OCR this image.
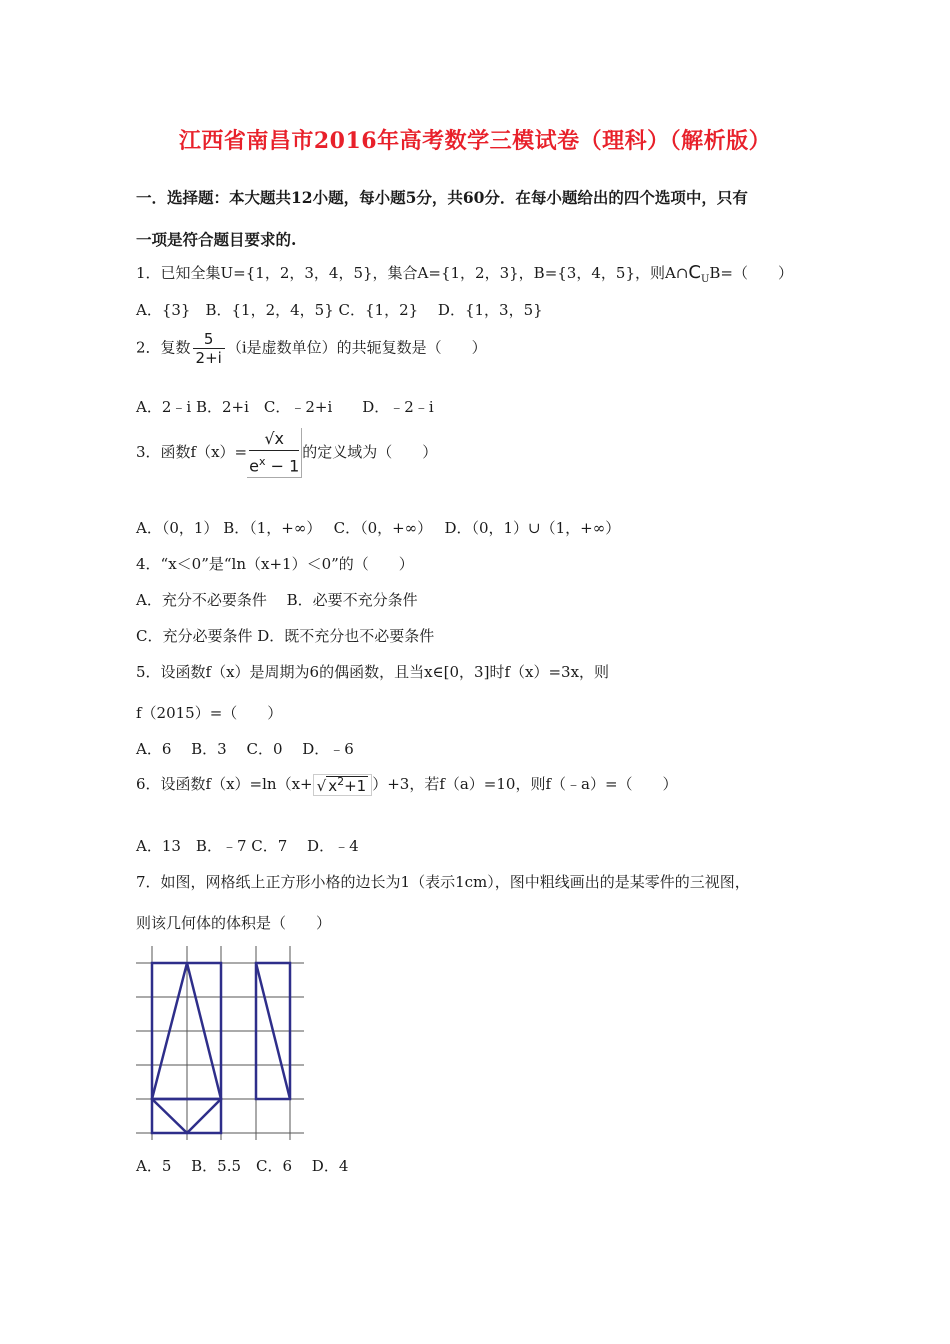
江西省南昌市2016年高考数学三模试卷（理科）（解析版）
一．选择题：本大题共12小题，每小题5分，共60分．在每小题给出的四个选项中，只有
一项是符合题目要求的.
1．已知全集U={1，2，3，4，5}，集合A={1，2，3}，B={3，4，5}，则$A\cap C_UB=$（　　）
A．{3}　B．{1，2，4，5} C．{1，2}　 D．{1，3，5}
2．复数 $\frac{5}{2+i} (i$是虚数单位）的共轭复数是（　　）
A．2﹣i B．2+i　C．﹣2+i　　D．﹣2﹣i
3．函数$f(x)= \frac{√x}{e^x - 1}$ 的定义域为（　　）
A．（0，1） B．（1，+∞）　 C．（0，+∞）　 D．（0，1）∪（1，+∞）
4．“x＜0”是“ln（x+1）＜0”的（　　）
A．充分不必要条件　 B．必要不充分条件
C．充分必要条件 D．既不充分也不必要条件
5．设函数f（x）是周期为6的偶函数，且当x∈[0，3]时f（x）=3x，则
f（2015）=（　　）
A．6　 B．3　 C．0　 D．﹣6
6．设函数f（x）=ln（x+ √ $x^2+1$ ）+3，若f（a）=10，则f（﹣a）=（　　）
A．13　B．﹣7 C．7　 D．﹣4
7．如图，网格纸上正方形小格的边长为1（表示1cm），图中粗线画出的是某零件的三视图，
则该几何体的体积是（　　）
A．5　 B．5.5　C．6　 D．4
